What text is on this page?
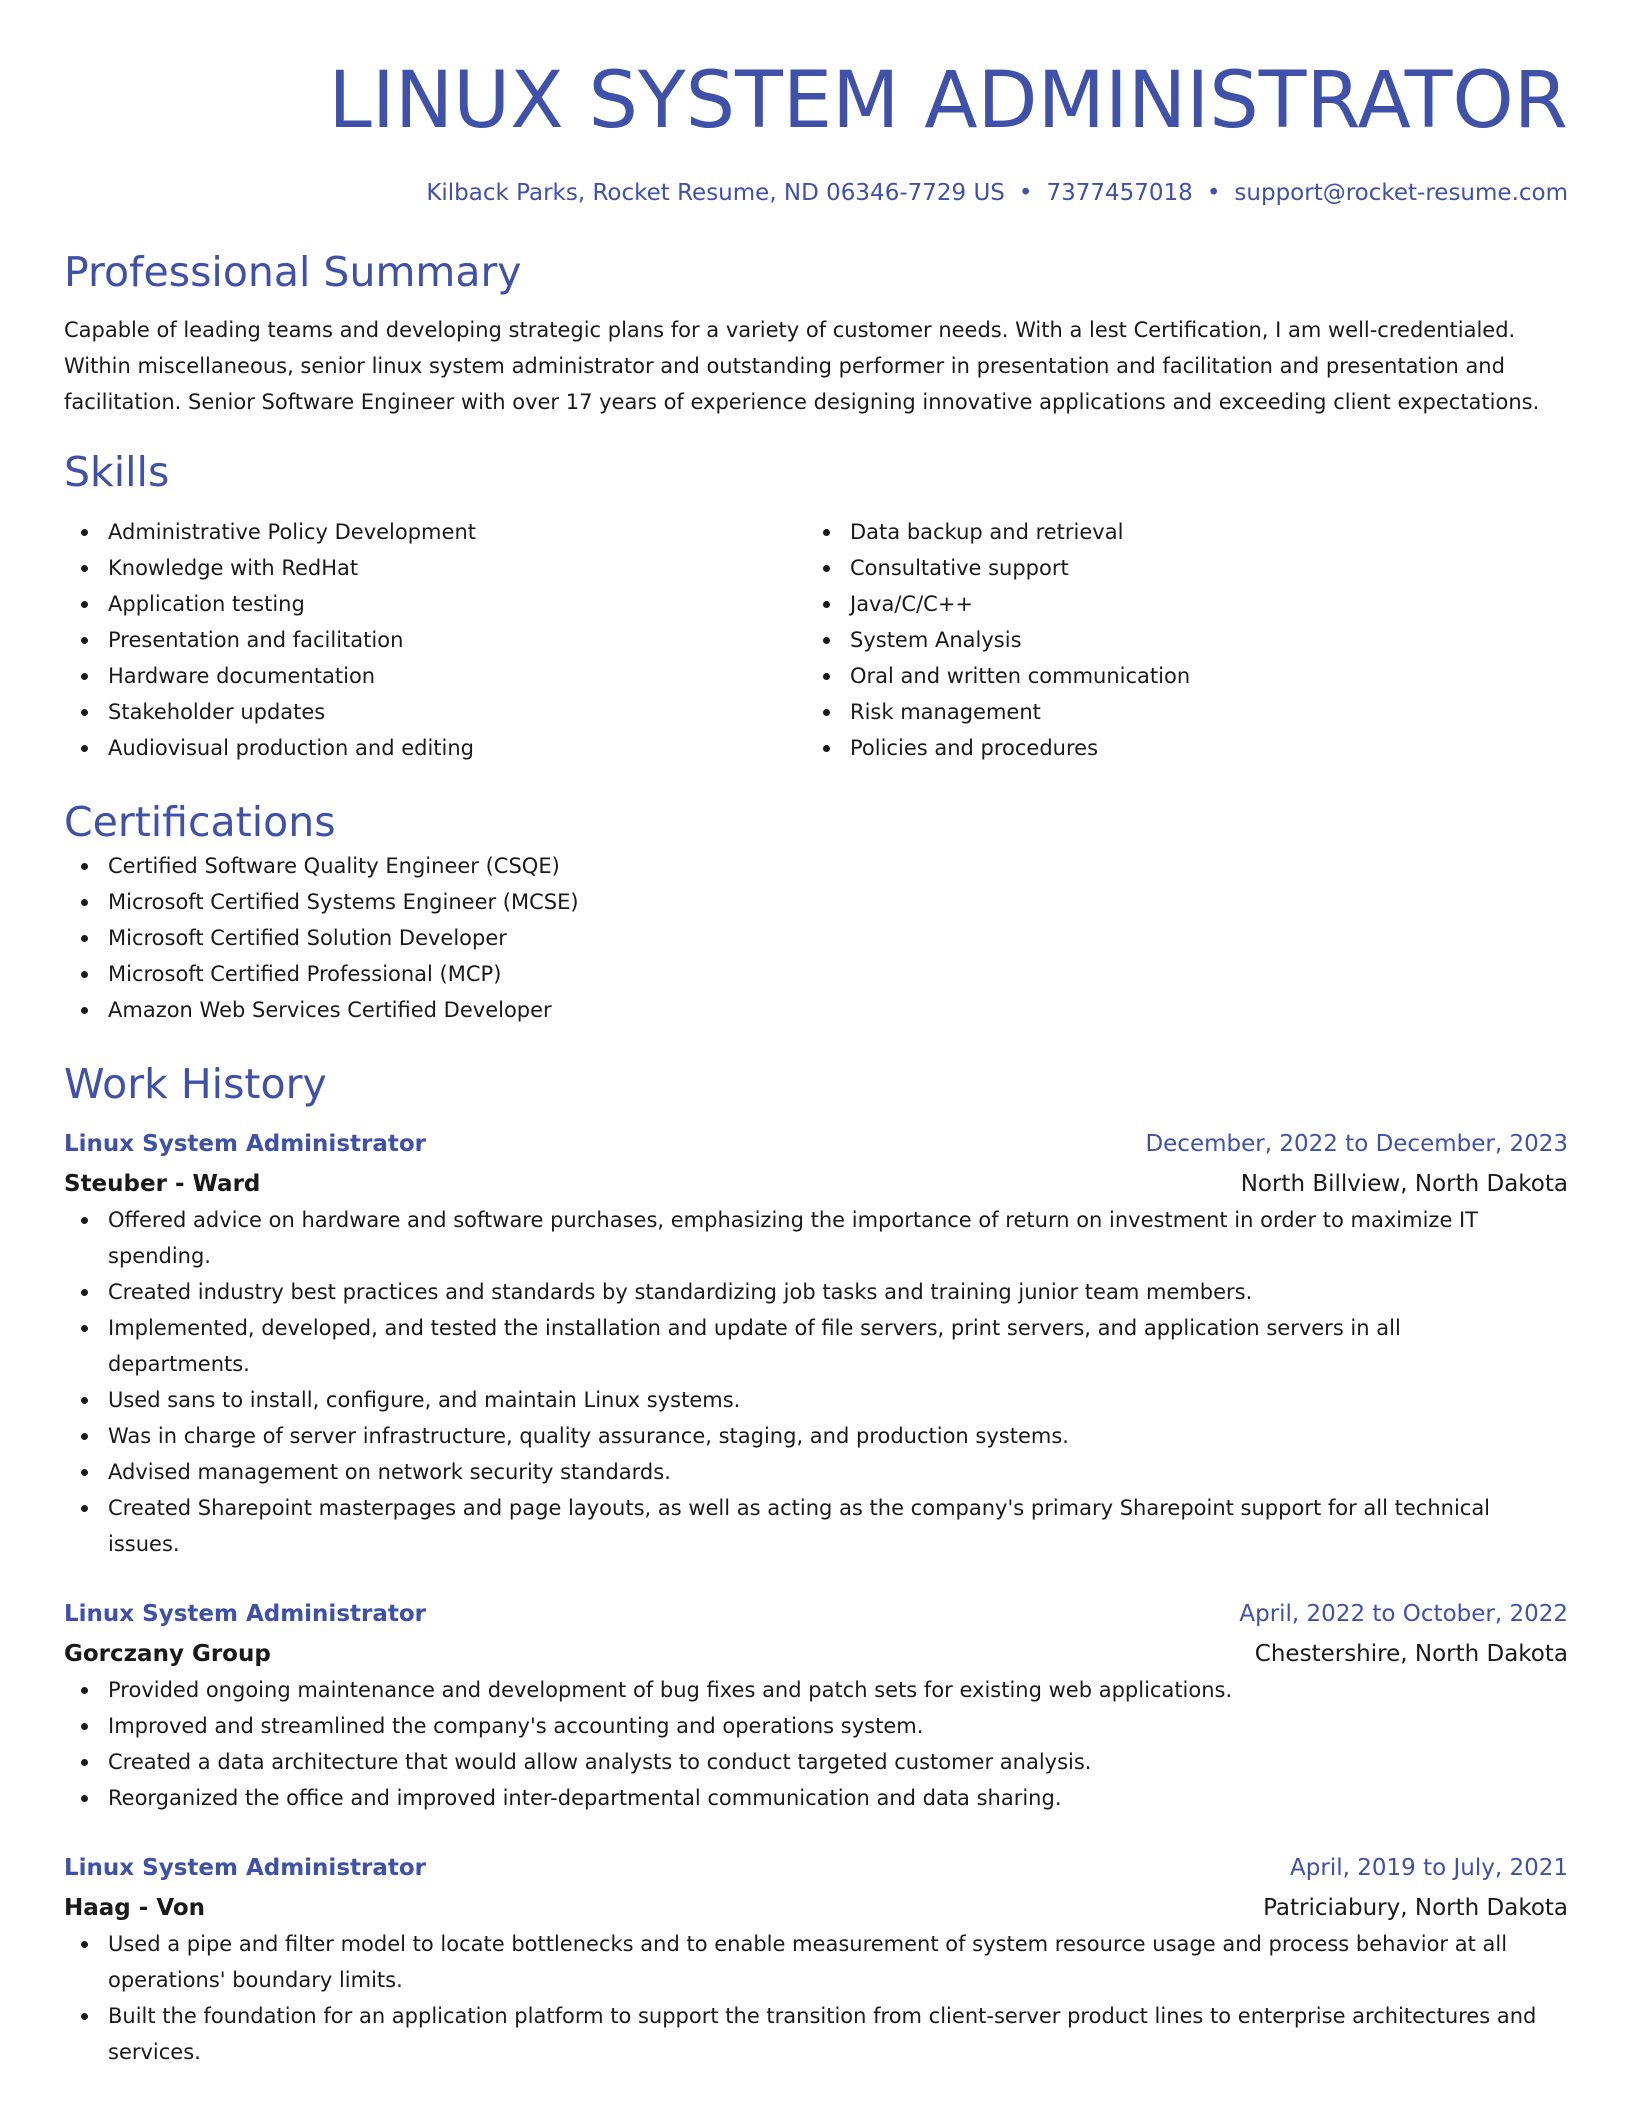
LINUX SYSTEM ADMINISTRATOR
Kilback Parks, Rocket Resume, ND 06346-7729 US • 7377457018 • support@rocket-resume.com
Professional Summary
Capable of leading teams and developing strategic plans for a variety of customer needs. With a lest Certification, I am well-credentialed. Within miscellaneous, senior linux system administrator and outstanding performer in presentation and facilitation and presentation and facilitation. Senior Software Engineer with over 17 years of experience designing innovative applications and exceeding client expectations.
Skills
Administrative Policy Development
Knowledge with RedHat
Application testing
Presentation and facilitation
Hardware documentation
Stakeholder updates
Audiovisual production and editing
Data backup and retrieval
Consultative support
Java/C/C++
System Analysis
Oral and written communication
Risk management
Policies and procedures
Certifications
Certified Software Quality Engineer (CSQE)
Microsoft Certified Systems Engineer (MCSE)
Microsoft Certified Solution Developer
Microsoft Certified Professional (MCP)
Amazon Web Services Certified Developer
Work History
Linux System Administrator	December, 2022 to December, 2023
Steuber - Ward	North Billview, North Dakota
Offered advice on hardware and software purchases, emphasizing the importance of return on investment in order to maximize IT spending.
Created industry best practices and standards by standardizing job tasks and training junior team members.
Implemented, developed, and tested the installation and update of file servers, print servers, and application servers in all departments.
Used sans to install, configure, and maintain Linux systems.
Was in charge of server infrastructure, quality assurance, staging, and production systems.
Advised management on network security standards.
Created Sharepoint masterpages and page layouts, as well as acting as the company's primary Sharepoint support for all technical issues.
Linux System Administrator	April, 2022 to October, 2022
Gorczany Group	Chestershire, North Dakota
Provided ongoing maintenance and development of bug fixes and patch sets for existing web applications.
Improved and streamlined the company's accounting and operations system.
Created a data architecture that would allow analysts to conduct targeted customer analysis.
Reorganized the office and improved inter-departmental communication and data sharing.
Linux System Administrator	April, 2019 to July, 2021
Haag - Von	Patriciabury, North Dakota
Used a pipe and filter model to locate bottlenecks and to enable measurement of system resource usage and process behavior at all operations' boundary limits.
Built the foundation for an application platform to support the transition from client-server product lines to enterprise architectures and services.
